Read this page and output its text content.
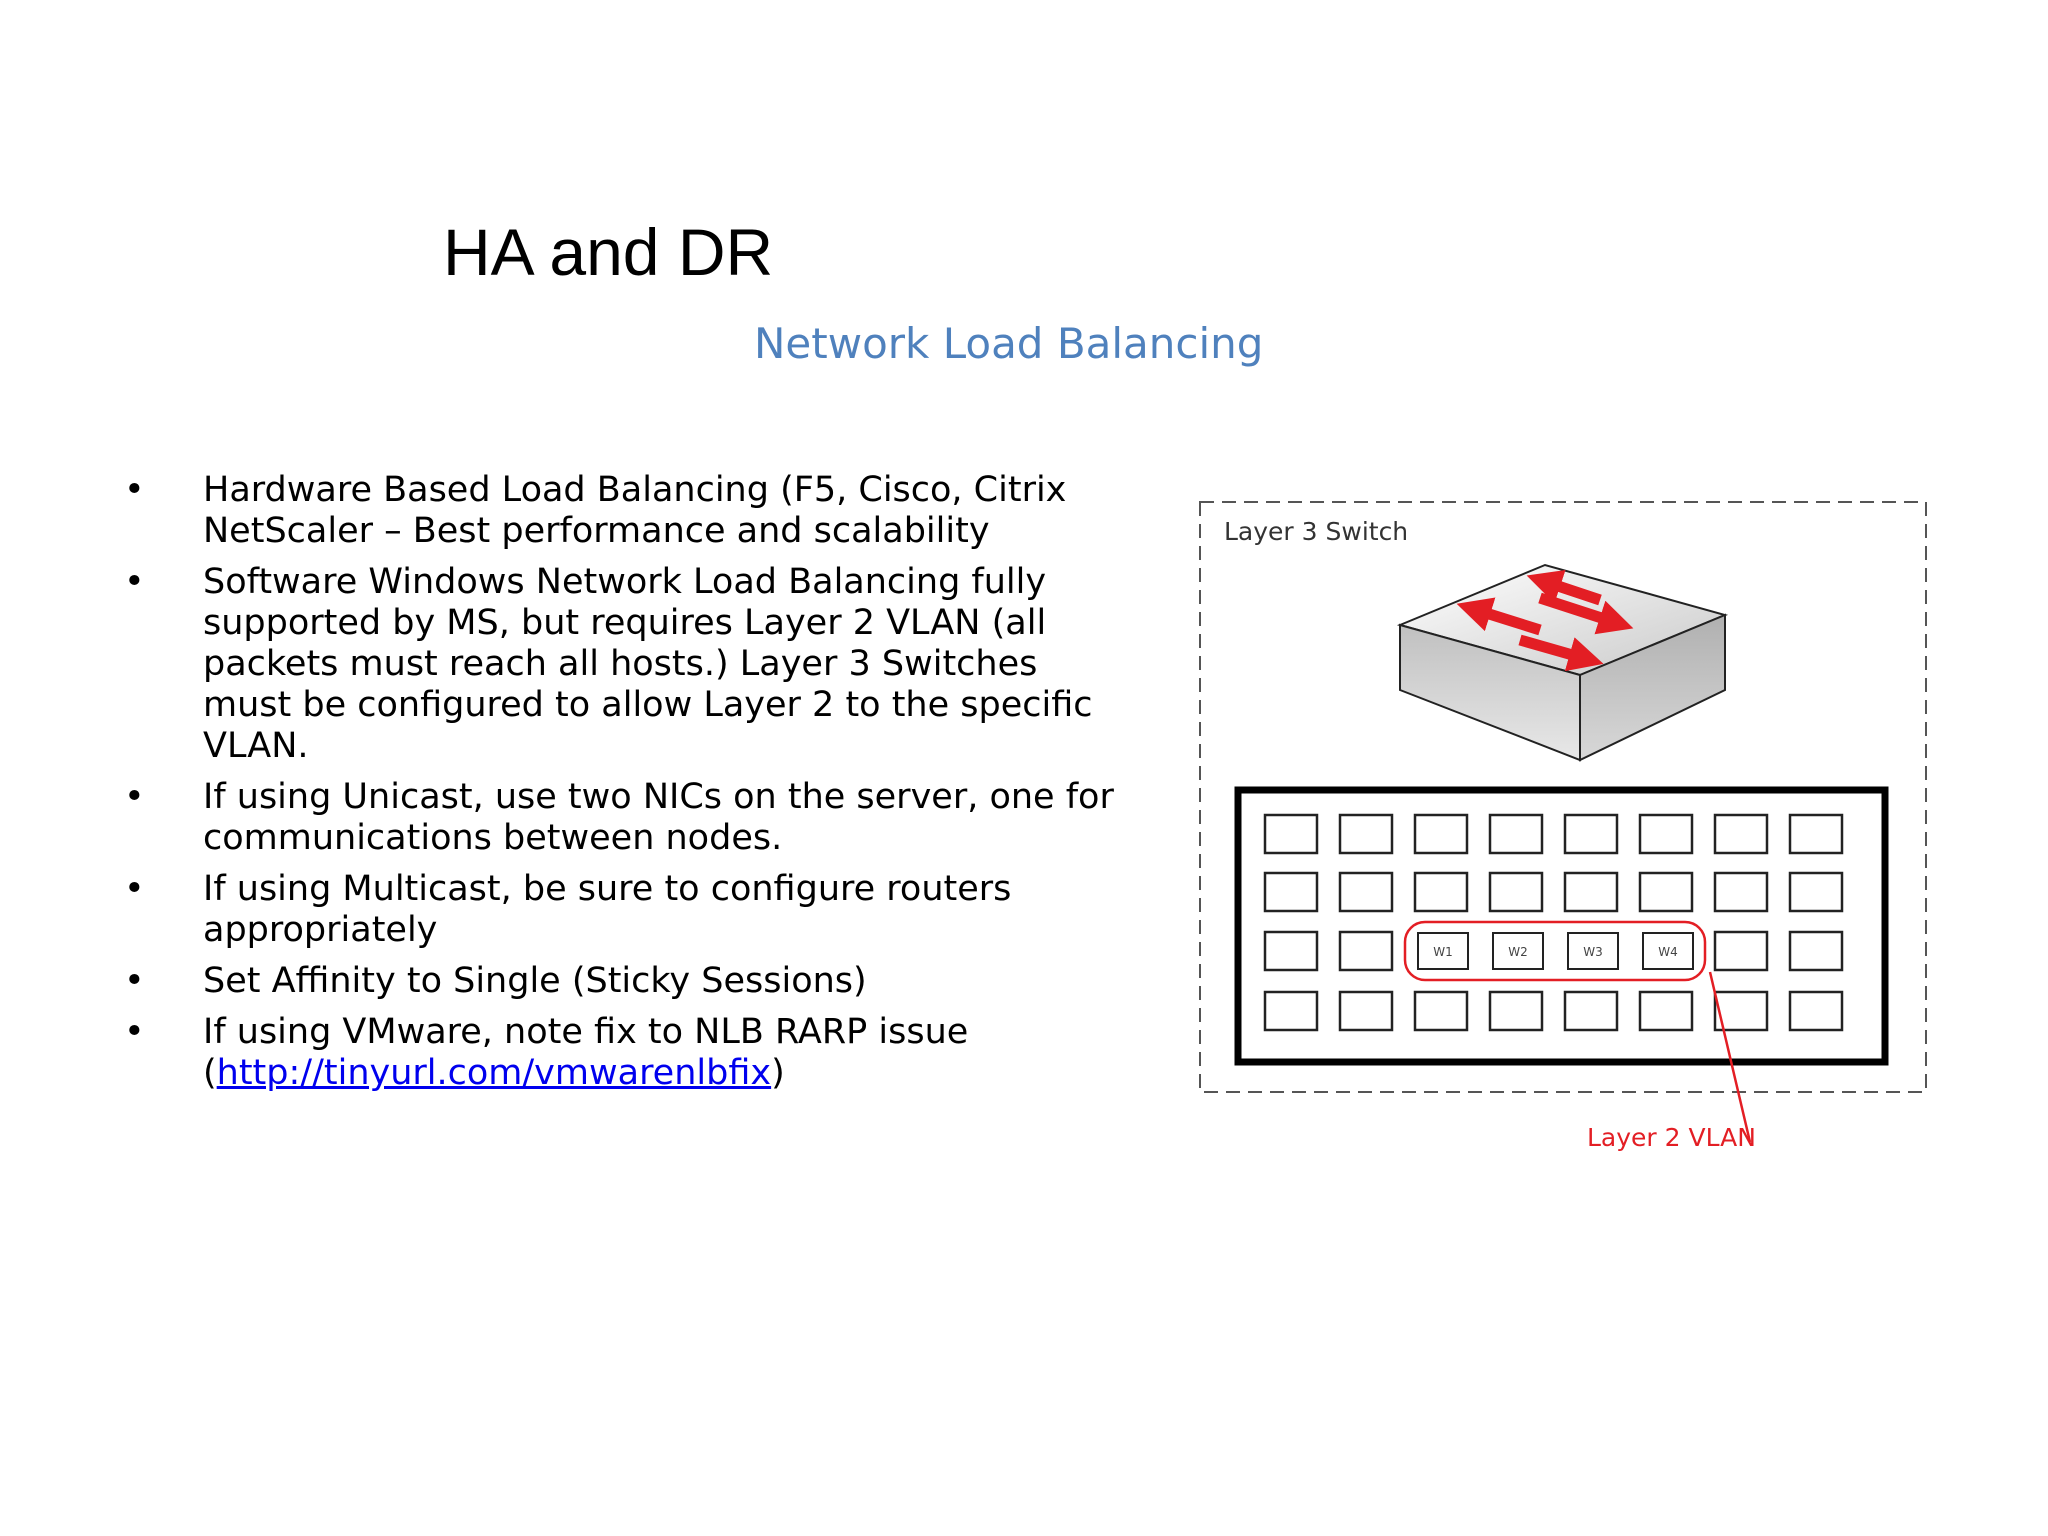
HA and DR
Network Load Balancing
• Hardware Based Load Balancing (F5, Cisco, Citrix NetScaler – Best performance and scalability
• Software Windows Network Load Balancing fully supported by MS, but requires Layer 2 VLAN (all packets must reach all hosts.) Layer 3 Switches must be configured to allow Layer 2 to the specific VLAN.
• If using Unicast, use two NICs on the server, one for communications between nodes.
• If using Multicast, be sure to configure routers appropriately
• Set Affinity to Single (Sticky Sessions)
• If using VMware, note fix to NLB RARP issue
(http://tinyurl.com/vmwarenlbfix)
Layer 3 Switch
W1	W2	W3	W4
Layer 2 VLAN
